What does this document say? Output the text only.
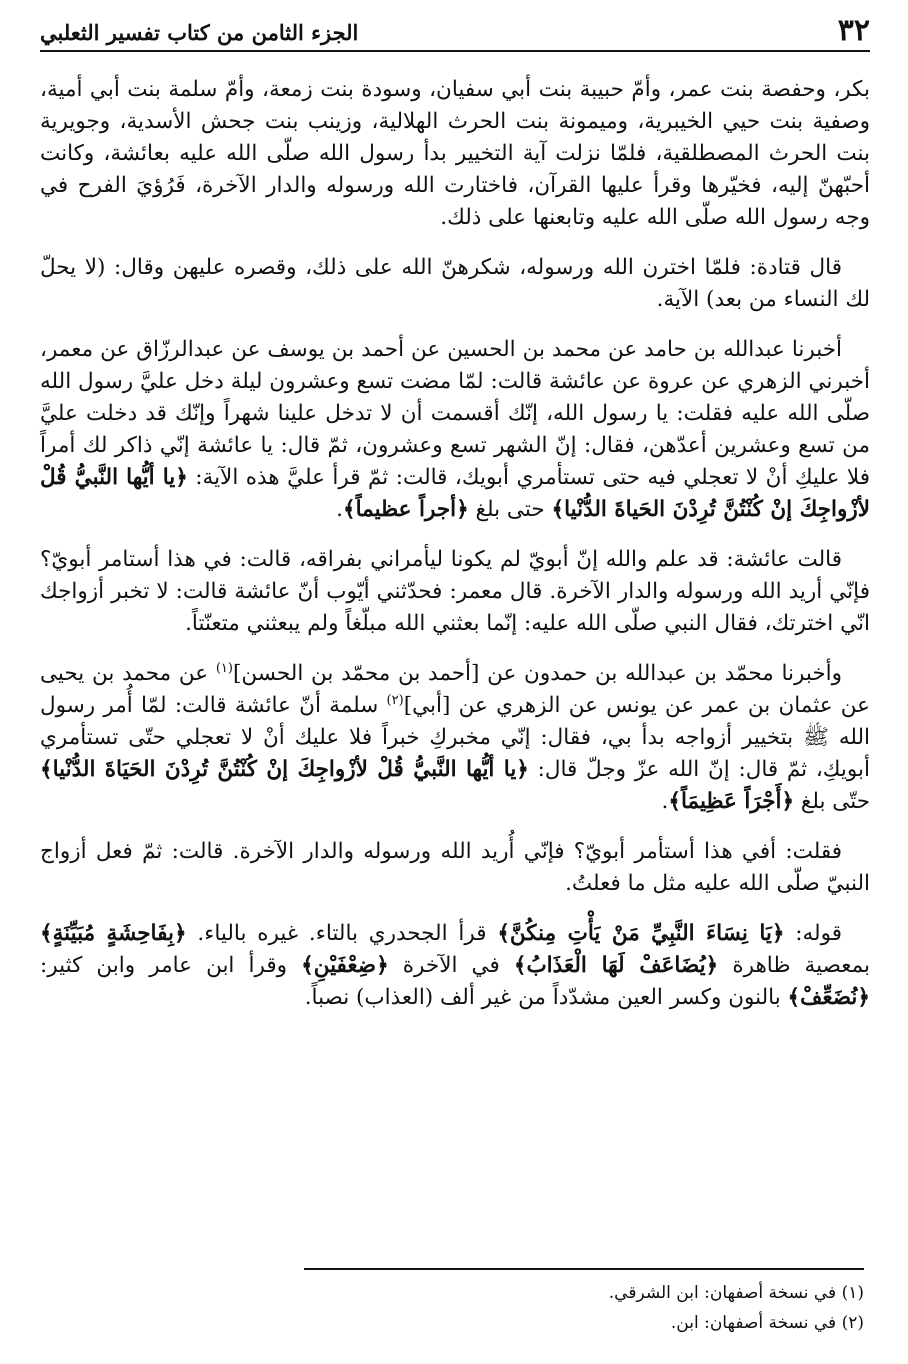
٣٢
الجزء الثامن من كتاب تفسير الثعلبي

بكر، وحفصة بنت عمر، وأمّ حبيبة بنت أبي سفيان، وسودة بنت زمعة، وأمّ سلمة بنت أبي أمية، وصفية بنت حيي الخيبرية، وميمونة بنت الحرث الهلالية، وزينب بنت جحش الأسدية، وجويرية بنت الحرث المصطلقية، فلمّا نزلت آية التخيير بدأ رسول الله صلّى الله عليه بعائشة، وكانت أحبّهنّ إليه، فخيّرها وقرأ عليها القرآن، فاختارت الله ورسوله والدار الآخرة، فَرُؤيَ الفرح في وجه رسول الله صلّى الله عليه وتابعنها على ذلك.

قال قتادة: فلمّا اخترن الله ورسوله، شكرهنّ الله على ذلك، وقصره عليهن وقال: (لا يحلّ لك النساء من بعد) الآية.

أخبرنا عبدالله بن حامد عن محمد بن الحسين عن أحمد بن يوسف عن عبدالرزّاق عن معمر، أخبرني الزهري عن عروة عن عائشة قالت: لمّا مضت تسع وعشرون ليلة دخل عليَّ رسول الله صلّى الله عليه فقلت: يا رسول الله، إنّك أقسمت أن لا تدخل علينا شهراً وإنّك قد دخلت عليَّ من تسع وعشرين أعدّهن، فقال: إنّ الشهر تسع وعشرون، ثمّ قال: يا عائشة إنّي ذاكر لك أمراً فلا عليكِ أنْ لا تعجلي فيه حتى تستأمري أبويك، قالت: ثمّ قرأ عليَّ هذه الآية: ﴿يا أيُّها النَّبيُّ قُلْ لأزْواجِكَ إنْ كُنْتُنَّ تُرِدْنَ الحَياةَ الدُّنْيا﴾ حتى بلغ ﴿أجراً عظيماً﴾.

قالت عائشة: قد علم والله إنّ أبويّ لم يكونا ليأمراني بفراقه، قالت: في هذا أستامر أبويّ؟ فإنّي أريد الله ورسوله والدار الآخرة. قال معمر: فحدّثني أيّوب أنّ عائشة قالت: لا تخبر أزواجك انّي اخترتك، فقال النبي صلّى الله عليه: إنّما بعثني الله مبلّغاً ولم يبعثني متعنّتاً.

وأخبرنا محمّد بن عبدالله بن حمدون عن [أحمد بن محمّد بن الحسن]$^{(١)}$ عن محمد بن يحيى عن عثمان بن عمر عن يونس عن الزهري عن [أبي]$^{(٢)}$ سلمة أنّ عائشة قالت: لمّا أُمر رسول الله ﷺ بتخيير أزواجه بدأ بي، فقال: إنّي مخبركِ خبراً فلا عليك أنْ لا تعجلي حتّى تستأمري أبويكِ، ثمّ قال: إنّ الله عزّ وجلّ قال: ﴿يا أيُّها النَّبيُّ قُلْ لأزْواجِكَ إنْ كُنْتُنَّ تُرِدْنَ الحَيَاةَ الدُّنْيا﴾ حتّى بلغ ﴿أَجْرَاً عَظِيمَاً﴾.

فقلت: أفي هذا أستأمر أبويّ؟ فإنّي أُريد الله ورسوله والدار الآخرة. قالت: ثمّ فعل أزواج النبيّ صلّى الله عليه مثل ما فعلتُ.

قوله: ﴿يَا نِسَاءَ النَّبِيِّ مَنْ يَأْتِ مِنكُنَّ﴾ قرأ الجحدري بالتاء. غيره بالياء. ﴿بِفَاحِشَةٍ مُبَيِّنَةٍ﴾ بمعصية ظاهرة ﴿يُضَاعَفْ لَهَا الْعَذَابُ﴾ في الآخرة ﴿ضِعْفَيْنِ﴾ وقرأ ابن عامر وابن كثير: ﴿نُضَعِّفْ﴾ بالنون وكسر العين مشدّداً من غير ألف (العذاب) نصباً.

(١) في نسخة أصفهان: ابن الشرقي.

(٢) في نسخة أصفهان: ابن.
